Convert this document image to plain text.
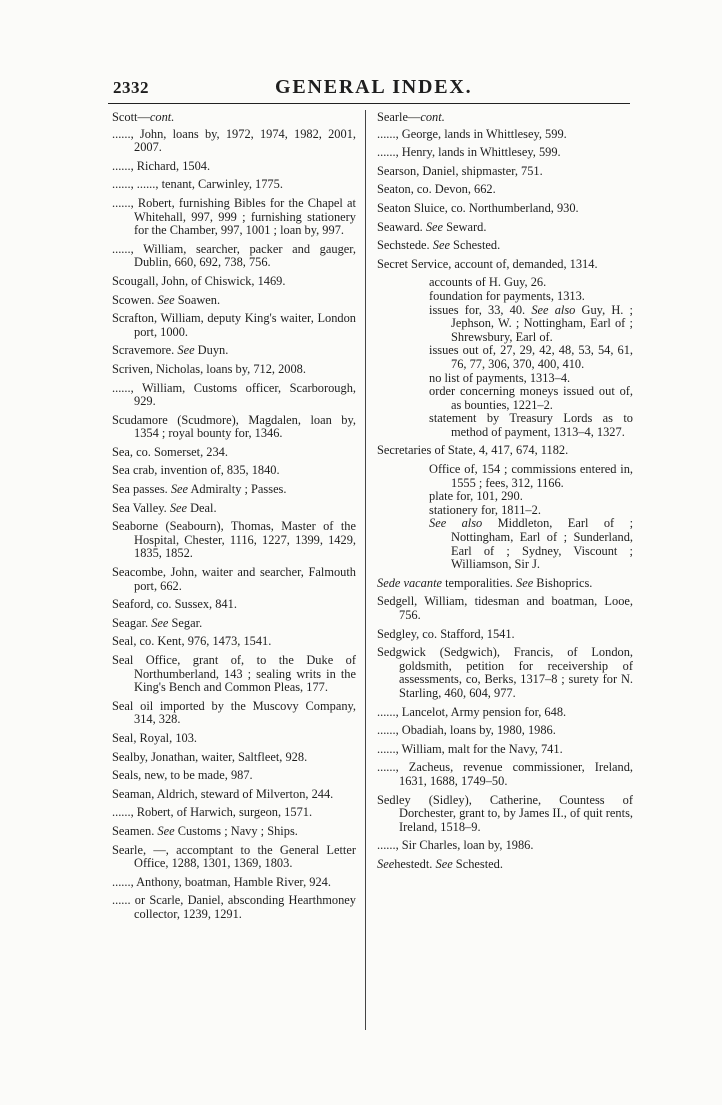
2332	GENERAL INDEX.
Scott—cont.
......, John, loans by, 1972, 1974, 1982, 2001, 2007.
......, Richard, 1504.
......, ......, tenant, Carwinley, 1775.
......, Robert, furnishing Bibles for the Chapel at Whitehall, 997, 999 ; furnishing stationery for the Chamber, 997, 1001 ; loan by, 997.
......, William, searcher, packer and gauger, Dublin, 660, 692, 738, 756.
Scougall, John, of Chiswick, 1469.
Scowen. See Soawen.
Scrafton, William, deputy King's waiter, London port, 1000.
Scravemore. See Duyn.
Scriven, Nicholas, loans by, 712, 2008.
......, William, Customs officer, Scarborough, 929.
Scudamore (Scudmore), Magdalen, loan by, 1354 ; royal bounty for, 1346.
Sea, co. Somerset, 234.
Sea crab, invention of, 835, 1840.
Sea passes. See Admiralty ; Passes.
Sea Valley. See Deal.
Seaborne (Seabourn), Thomas, Master of the Hospital, Chester, 1116, 1227, 1399, 1429, 1835, 1852.
Seacombe, John, waiter and searcher, Falmouth port, 662.
Seaford, co. Sussex, 841.
Seagar. See Segar.
Seal, co. Kent, 976, 1473, 1541.
Seal Office, grant of, to the Duke of Northumberland, 143 ; sealing writs in the King's Bench and Common Pleas, 177.
Seal oil imported by the Muscovy Company, 314, 328.
Seal, Royal, 103.
Sealby, Jonathan, waiter, Saltfleet, 928.
Seals, new, to be made, 987.
Seaman, Aldrich, steward of Milverton, 244.
......, Robert, of Harwich, surgeon, 1571.
Seamen. See Customs ; Navy ; Ships.
Searle, —, accomptant to the General Letter Office, 1288, 1301, 1369, 1803.
......, Anthony, boatman, Hamble River, 924.
...... or Scarle, Daniel, absconding Hearthmoney collector, 1239, 1291.
Searle—cont.
......, George, lands in Whittlesey, 599.
......, Henry, lands in Whittlesey, 599.
Searson, Daniel, shipmaster, 751.
Seaton, co. Devon, 662.
Seaton Sluice, co. Northumberland, 930.
Seaward. See Seward.
Sechstede. See Schested.
Secret Service, account of, demanded, 1314.
accounts of H. Guy, 26.
foundation for payments, 1313.
issues for, 33, 40. See also Guy, H. ; Jephson, W. ; Nottingham, Earl of ; Shrewsbury, Earl of.
issues out of, 27, 29, 42, 48, 53, 54, 61, 76, 77, 306, 370, 400, 410.
no list of payments, 1313–4.
order concerning moneys issued out of, as bounties, 1221–2.
statement by Treasury Lords as to method of payment, 1313–4, 1327.
Secretaries of State, 4, 417, 674, 1182.
Office of, 154 ; commissions entered in, 1555 ; fees, 312, 1166.
plate for, 101, 290.
stationery for, 1811–2.
See also Middleton, Earl of ; Nottingham, Earl of ; Sunderland, Earl of ; Sydney, Viscount ; Williamson, Sir J.
Sede vacante temporalities. See Bishoprics.
Sedgell, William, tidesman and boatman, Looe, 756.
Sedgley, co. Stafford, 1541.
Sedgwick (Sedgwich), Francis, of London, goldsmith, petition for receivership of assessments, co, Berks, 1317–8 ; surety for N. Starling, 460, 604, 977.
......, Lancelot, Army pension for, 648.
......, Obadiah, loans by, 1980, 1986.
......, William, malt for the Navy, 741.
......, Zacheus, revenue commissioner, Ireland, 1631, 1688, 1749–50.
Sedley (Sidley), Catherine, Countess of Dorchester, grant to, by James II., of quit rents, Ireland, 1518–9.
......, Sir Charles, loan by, 1986.
Seehestedt. See Schested.
